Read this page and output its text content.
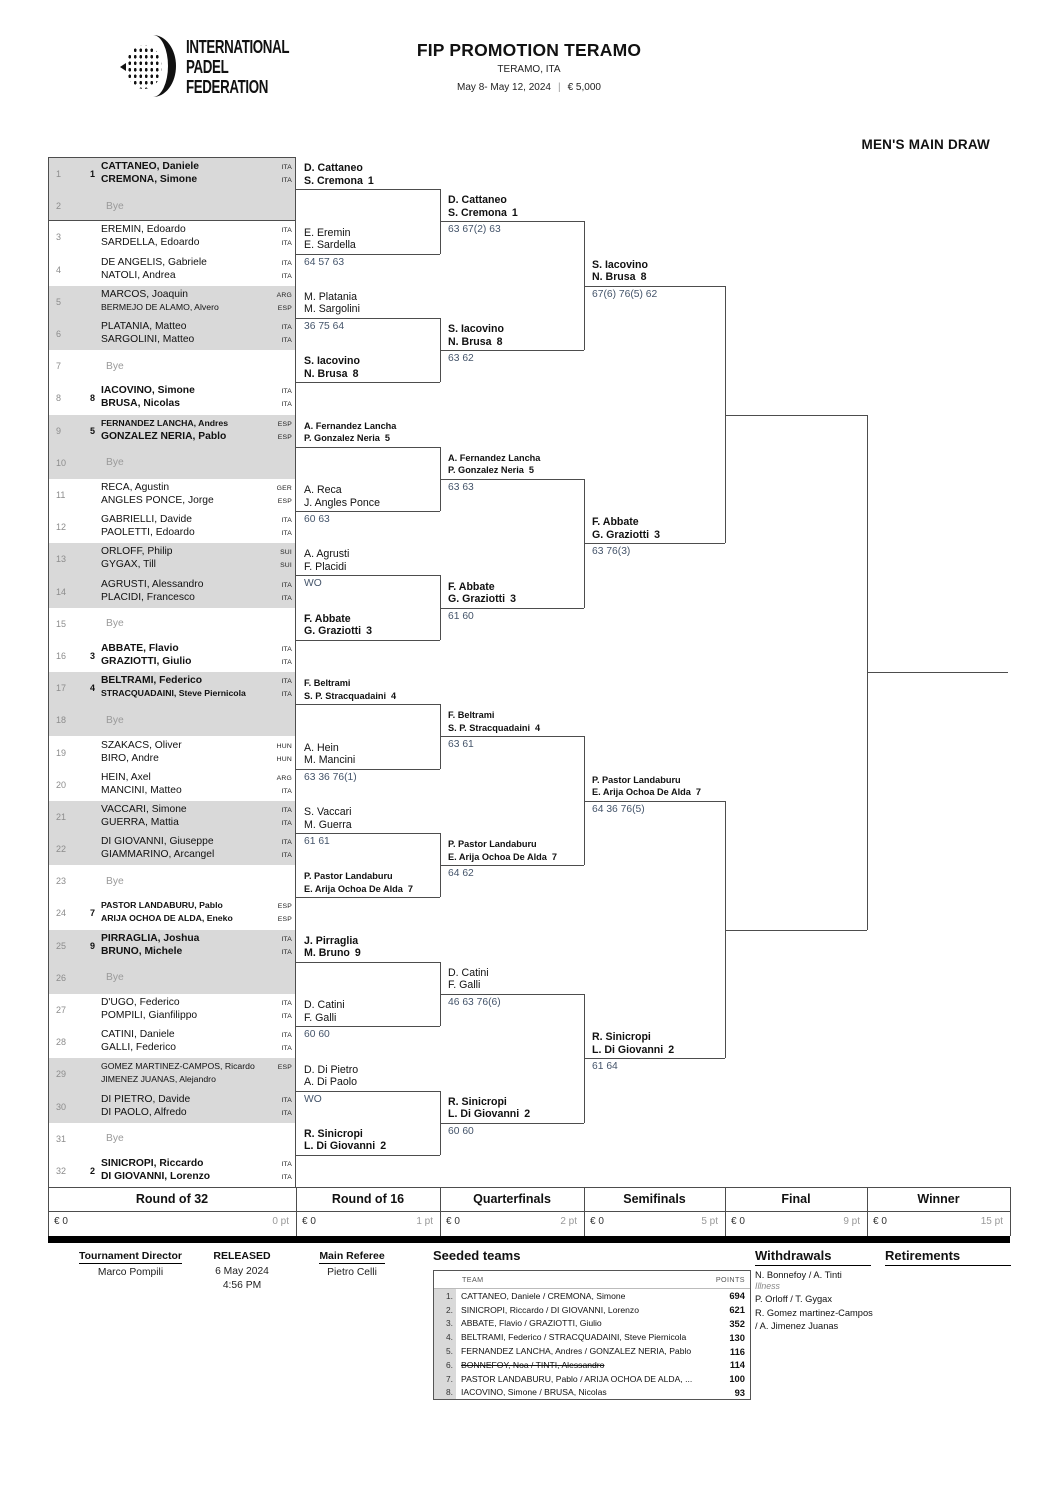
INTERNATIONAL
PADEL
FEDERATION
FIP PROMOTION TERAMO
TERAMO, ITA
May 8- May 12, 2024 | € 5,000
MEN'S MAIN DRAW
1	1
CATTANEO, Daniele	ITA
CREMONA, Simone	ITA
2	Bye
3
EREMIN, Edoardo	ITA
SARDELLA, Edoardo	ITA
4
DE ANGELIS, Gabriele	ITA
NATOLI, Andrea	ITA
5
MARCOS, Joaquin	ARG
BERMEJO DE ALAMO, Alvero	ESP
6
PLATANIA, Matteo	ITA
SARGOLINI, Matteo	ITA
7	Bye
8	8
IACOVINO, Simone	ITA
BRUSA, Nicolas	ITA
9	5
FERNANDEZ LANCHA, Andres	ESP
GONZALEZ NERIA, Pablo	ESP
10	Bye
11
RECA, Agustin	GER
ANGLES PONCE, Jorge	ESP
12
GABRIELLI, Davide	ITA
PAOLETTI, Edoardo	ITA
13
ORLOFF, Philip	SUI
GYGAX, Till	SUI
14
AGRUSTI, Alessandro	ITA
PLACIDI, Francesco	ITA
15	Bye
16	3
ABBATE, Flavio	ITA
GRAZIOTTI, Giulio	ITA
17	4
BELTRAMI, Federico	ITA
STRACQUADAINI, Steve Piernicola	ITA
18	Bye
19
SZAKACS, Oliver	HUN
BIRO, Andre	HUN
20
HEIN, Axel	ARG
MANCINI, Matteo	ITA
21
VACCARI, Simone	ITA
GUERRA, Mattia	ITA
22
DI GIOVANNI, Giuseppe	ITA
GIAMMARINO, Arcangel	ITA
23	Bye
24	7
PASTOR LANDABURU, Pablo	ESP
ARIJA OCHOA DE ALDA, Eneko	ESP
25	9
PIRRAGLIA, Joshua	ITA
BRUNO, Michele	ITA
26	Bye
27
D'UGO, Federico	ITA
POMPILI, Gianfilippo	ITA
28
CATINI, Daniele	ITA
GALLI, Federico	ITA
29
GOMEZ MARTINEZ-CAMPOS, Ricardo	ESP
JIMENEZ JUANAS, Alejandro
30
DI PIETRO, Davide	ITA
DI PAOLO, Alfredo	ITA
31	Bye
32	2
SINICROPI, Riccardo	ITA
DI GIOVANNI, Lorenzo	ITA
D. Cattaneo
S. Cremona 1
E. Eremin
E. Sardella
64 57 63
M. Platania
M. Sargolini
36 75 64
S. Iacovino
N. Brusa 8
A. Fernandez Lancha
P. Gonzalez Neria 5
A. Reca
J. Angles Ponce
60 63
A. Agrusti
F. Placidi
WO
F. Abbate
G. Graziotti 3
F. Beltrami
S. P. Stracquadaini 4
A. Hein
M. Mancini
63 36 76(1)
S. Vaccari
M. Guerra
61 61
P. Pastor Landaburu
E. Arija Ochoa De Alda 7
J. Pirraglia
M. Bruno 9
D. Catini
F. Galli
60 60
D. Di Pietro
A. Di Paolo
WO
R. Sinicropi
L. Di Giovanni 2
D. Cattaneo
S. Cremona 1
63 67(2) 63
S. Iacovino
N. Brusa 8
63 62
A. Fernandez Lancha
P. Gonzalez Neria 5
63 63
F. Abbate
G. Graziotti 3
61 60
F. Beltrami
S. P. Stracquadaini 4
63 61
P. Pastor Landaburu
E. Arija Ochoa De Alda 7
64 62
D. Catini
F. Galli
46 63 76(6)
R. Sinicropi
L. Di Giovanni 2
60 60
S. Iacovino
N. Brusa 8
67(6) 76(5) 62
F. Abbate
G. Graziotti 3
63 76(3)
P. Pastor Landaburu
E. Arija Ochoa De Alda 7
64 36 76(5)
R. Sinicropi
L. Di Giovanni 2
61 64
Round of 32
€ 0	0 pt
Round of 16
€ 0	1 pt
Quarterfinals
€ 0	2 pt
Semifinals
€ 0	5 pt
Final
€ 0	9 pt
Winner
€ 0	15 pt
Tournament Director
Marco Pompili
RELEASED
6 May 2024
4:56 PM
Main Referee
Pietro Celli
Seeded teams
TEAM	POINTS
1. CATTANEO, Daniele / CREMONA, Simone	694
2. SINICROPI, Riccardo / DI GIOVANNI, Lorenzo	621
3. ABBATE, Flavio / GRAZIOTTI, Giulio	352
4. BELTRAMI, Federico / STRACQUADAINI, Steve Piernicola	130
5. FERNANDEZ LANCHA, Andres / GONZALEZ NERIA, Pablo	116
6. BONNEFOY, Noa / TINTI, Alessandro	114
7. PASTOR LANDABURU, Pablo / ARIJA OCHOA DE ALDA, ...	100
8. IACOVINO, Simone / BRUSA, Nicolas	93
Withdrawals
N. Bonnefoy / A. Tinti
Illness
P. Orloff / T. Gygax
R. Gomez martinez-Campos
/ A. Jimenez Juanas
Retirements
